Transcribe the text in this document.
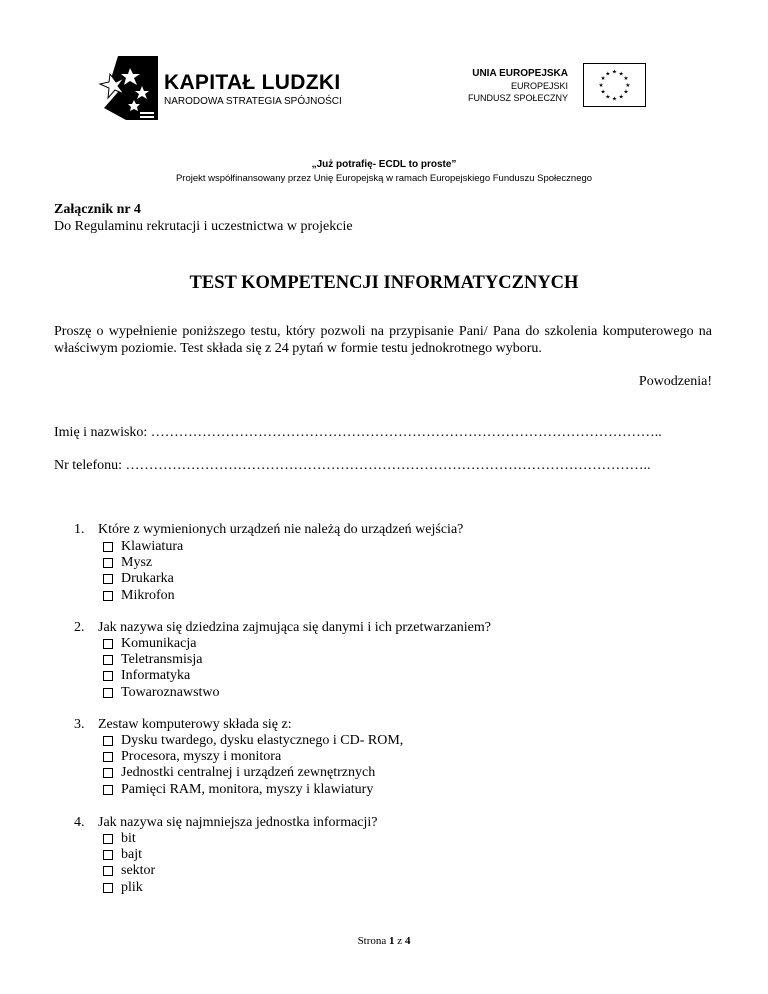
KAPITAŁ LUDZKI
NARODOWA STRATEGIA SPÓJNOŚCI
UNIA EUROPEJSKA
EUROPEJSKI
FUNDUSZ SPOŁECZNY
★ ★
★
★
★
★
★
★
★
★
★
★
„Już potrafię- ECDL to proste”
Projekt współfinansowany przez Unię Europejską w ramach Europejskiego Funduszu Społecznego
Załącznik nr 4
Do Regulaminu rekrutacji i uczestnictwa w projekcie
TEST KOMPETENCJI INFORMATYCZNYCH
Proszę o wypełnienie poniższego testu, który pozwoli na przypisanie Pani/ Pana do szkolenia komputerowego na właściwym poziomie. Test składa się z 24 pytań w formie testu jednokrotnego wyboru.
Powodzenia!
Imię i nazwisko: ………………………………………………………………………………………………..
Nr telefonu: …………………………………………………………………………………………………..
1. Które z wymienionych urządzeń nie należą do urządzeń wejścia?
Klawiatura
Mysz
Drukarka
Mikrofon
2. Jak nazywa się dziedzina zajmująca się danymi i ich przetwarzaniem?
Komunikacja
Teletransmisja
Informatyka
Towaroznawstwo
3. Zestaw komputerowy składa się z:
Dysku twardego, dysku elastycznego i CD- ROM,
Procesora, myszy i monitora
Jednostki centralnej i urządzeń zewnętrznych
Pamięci RAM, monitora, myszy i klawiatury
4. Jak nazywa się najmniejsza jednostka informacji?
bit
bajt
sektor
plik
Strona 1 z 4
